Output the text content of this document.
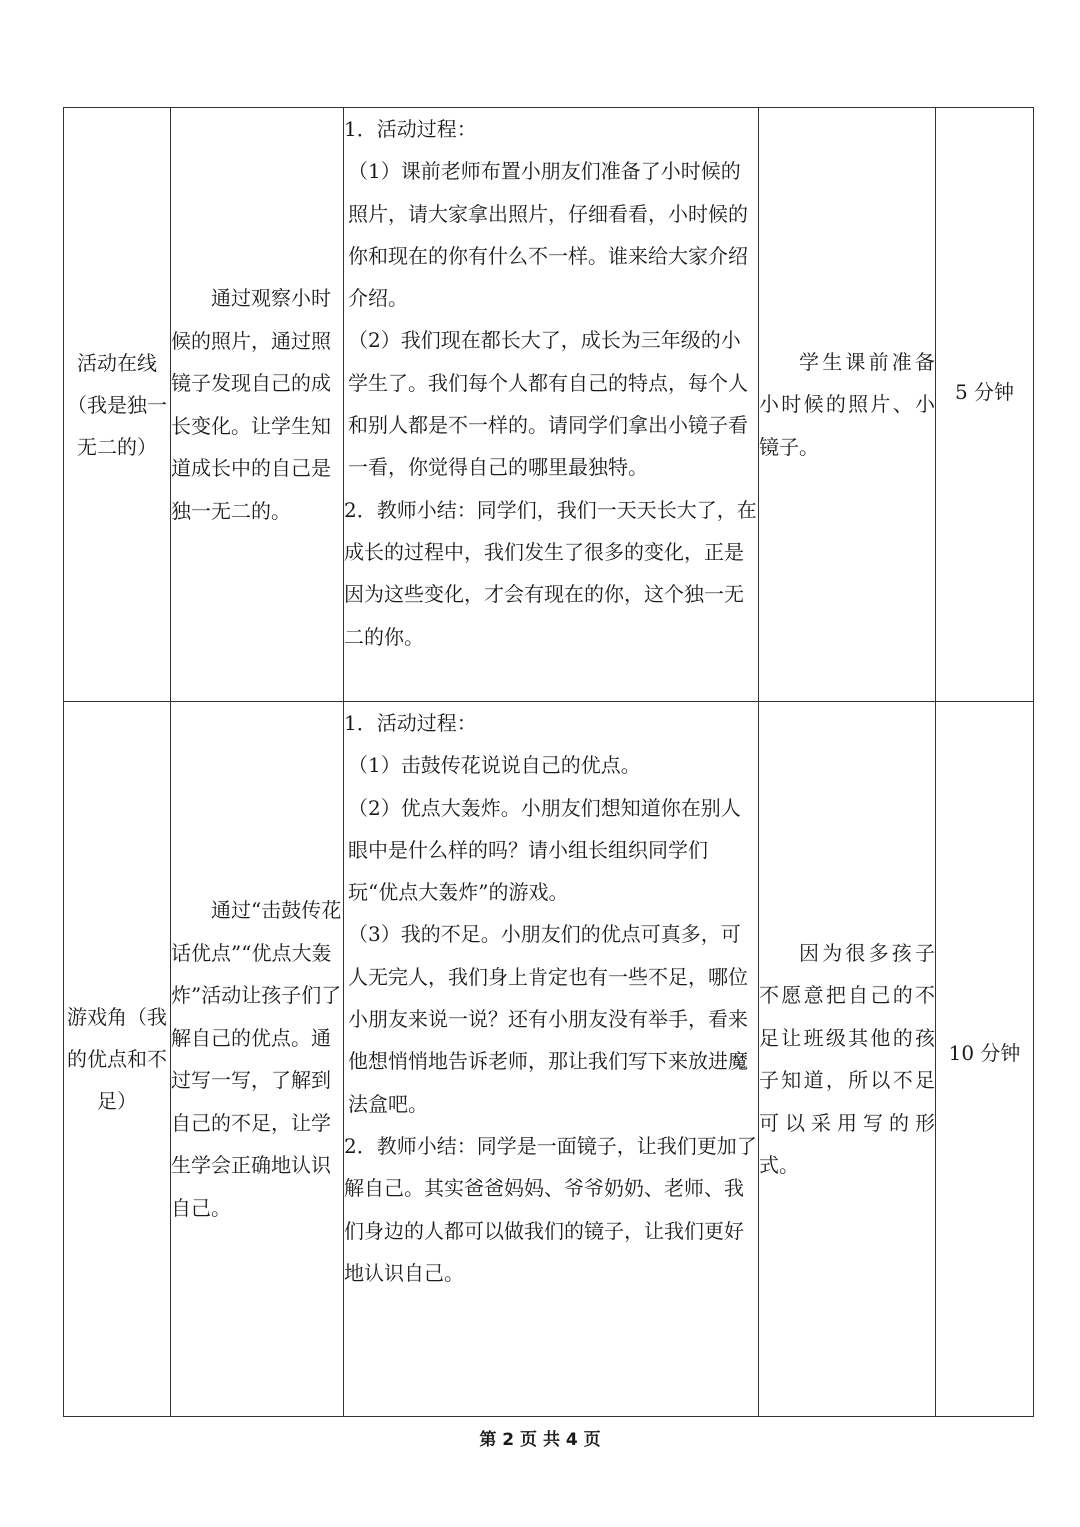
活动在线（我是独一无二的）	通过观察小时候的照片，通过照镜子发现自己的成长变化。让学生知道成长中的自己是独一无二的。	1．活动过程：

（1）课前老师布置小朋友们准备了小时候的照片，请大家拿出照片，仔细看看，小时候的你和现在的你有什么不一样。谁来给大家介绍介绍。

（2）我们现在都长大了，成长为三年级的小学生了。我们每个人都有自己的特点，每个人和别人都是不一样的。请同学们拿出小镜子看一看，你觉得自己的哪里最独特。

2．教师小结：同学们，我们一天天长大了，在成长的过程中，我们发生了很多的变化，正是因为这些变化，才会有现在的你，这个独一无二的你。	学生课前准备小时候的照片、小镜子。	5 分钟
游戏角（我的优点和不足）	通过“击鼓传花话优点”“优点大轰炸”活动让孩子们了解自己的优点。通过写一写，了解到自己的不足，让学生学会正确地认识自己。	1．活动过程：

（1）击鼓传花说说自己的优点。

（2）优点大轰炸。小朋友们想知道你在别人眼中是什么样的吗？请小组长组织同学们玩“优点大轰炸”的游戏。

（3）我的不足。小朋友们的优点可真多，可人无完人，我们身上肯定也有一些不足，哪位小朋友来说一说？还有小朋友没有举手，看来他想悄悄地告诉老师，那让我们写下来放进魔法盒吧。

2．教师小结：同学是一面镜子，让我们更加了解自己。其实爸爸妈妈、爷爷奶奶、老师、我们身边的人都可以做我们的镜子，让我们更好地认识自己。	因为很多孩子不愿意把自己的不足让班级其他的孩子知道，所以不足可以采用写的形式。	10 分钟
第 2 页 共 4 页
